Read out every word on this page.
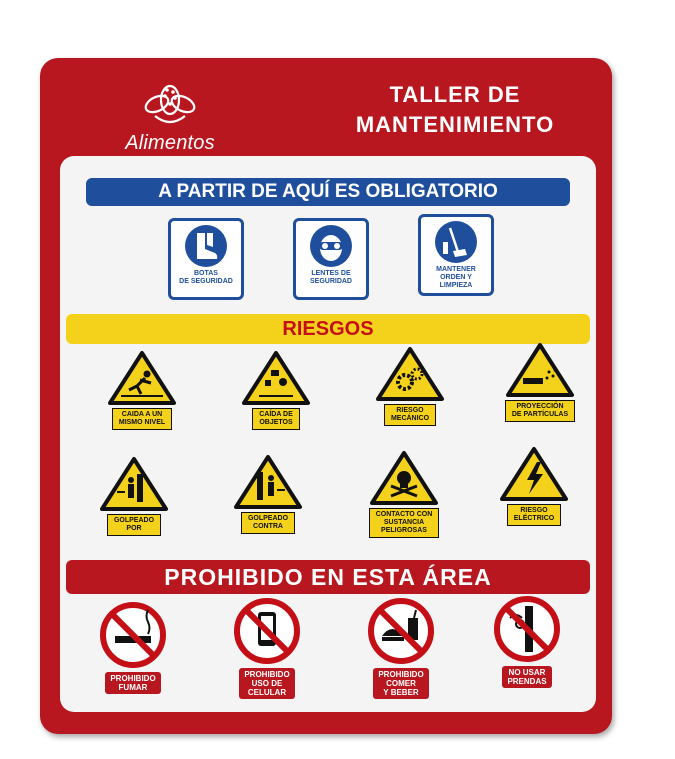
Alimentos
TALLER DE
MANTENIMIENTO
A PARTIR DE AQUÍ ES OBLIGATORIO
BOTAS
DE SEGURIDAD
LENTES DE
SEGURIDAD
MANTENER
ORDEN Y
LIMPIEZA
RIESGOS
CAIDA A UN
MISMO NIVEL
CAÍDA DE
OBJETOS
RIESGO
MECÁNICO
PROYECCIÓN
DE PARTÍCULAS
GOLPEADO
POR
GOLPEADO
CONTRA
CONTACTO CON
SUSTANCIA
PELIGROSAS
RIESGO
ELÉCTRICO
PROHIBIDO EN ESTA ÁREA
PROHIBIDO
FUMAR
PROHIBIDO
USO DE
CELULAR
PROHIBIDO
COMER
Y BEBER
NO USAR
PRENDAS
